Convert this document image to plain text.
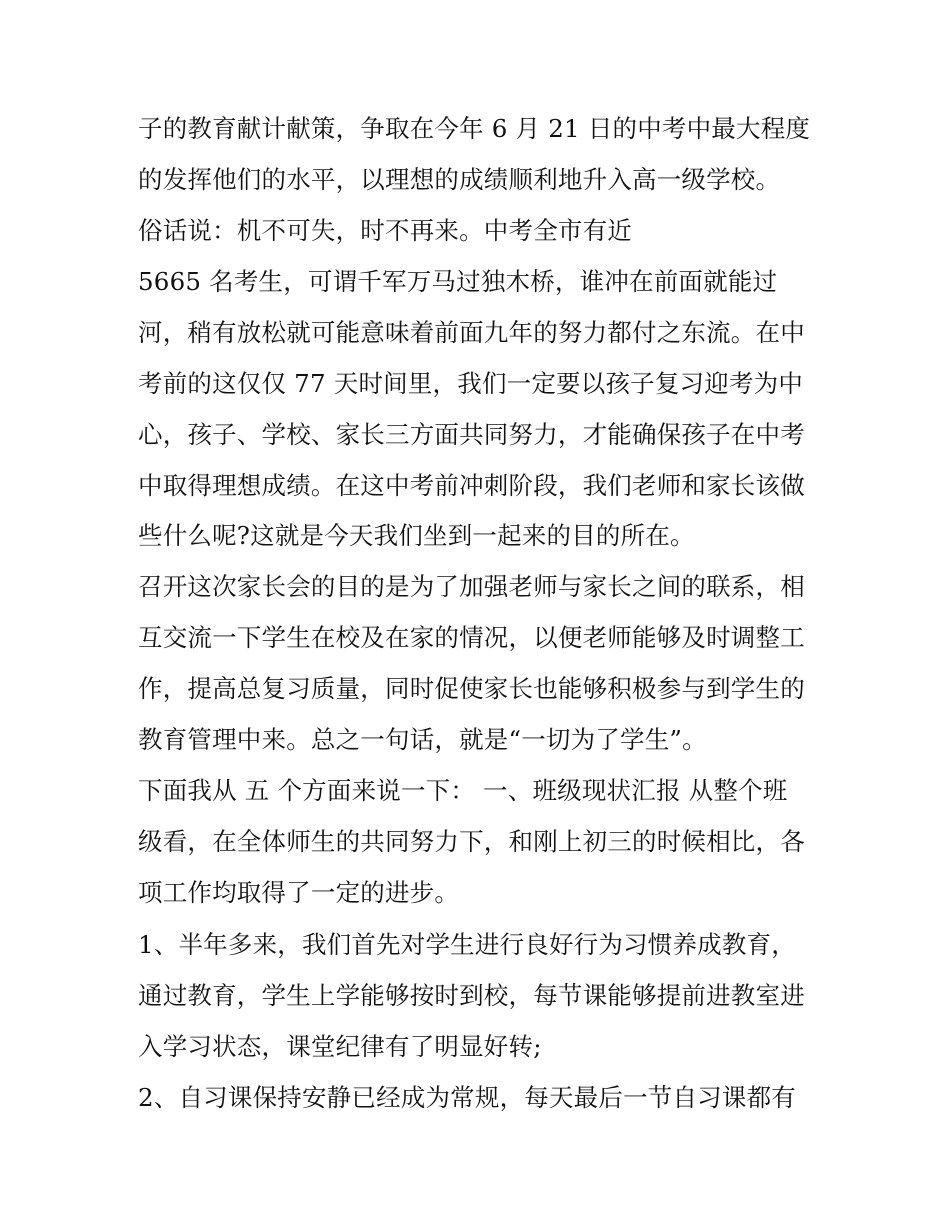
子的教育献计献策，争取在今年 6 月 21 日的中考中最大程度
的发挥他们的水平，以理想的成绩顺利地升入高一级学校。
俗话说：机不可失，时不再来。中考全市有近
5665 名考生，可谓千军万马过独木桥，谁冲在前面就能过
河，稍有放松就可能意味着前面九年的努力都付之东流。在中
考前的这仅仅 77 天时间里，我们一定要以孩子复习迎考为中
心，孩子、学校、家长三方面共同努力，才能确保孩子在中考
中取得理想成绩。在这中考前冲刺阶段，我们老师和家长该做
些什么呢?这就是今天我们坐到一起来的目的所在。
召开这次家长会的目的是为了加强老师与家长之间的联系，相
互交流一下学生在校及在家的情况，以便老师能够及时调整工
作，提高总复习质量，同时促使家长也能够积极参与到学生的
教育管理中来。总之一句话，就是“一切为了学生”。
下面我从 五 个方面来说一下： 一、班级现状汇报 从整个班
级看，在全体师生的共同努力下，和刚上初三的时候相比，各
项工作均取得了一定的进步。
1、半年多来，我们首先对学生进行良好行为习惯养成教育，
通过教育，学生上学能够按时到校，每节课能够提前进教室进
入学习状态，课堂纪律有了明显好转;
2、自习课保持安静已经成为常规，每天最后一节自习课都有
